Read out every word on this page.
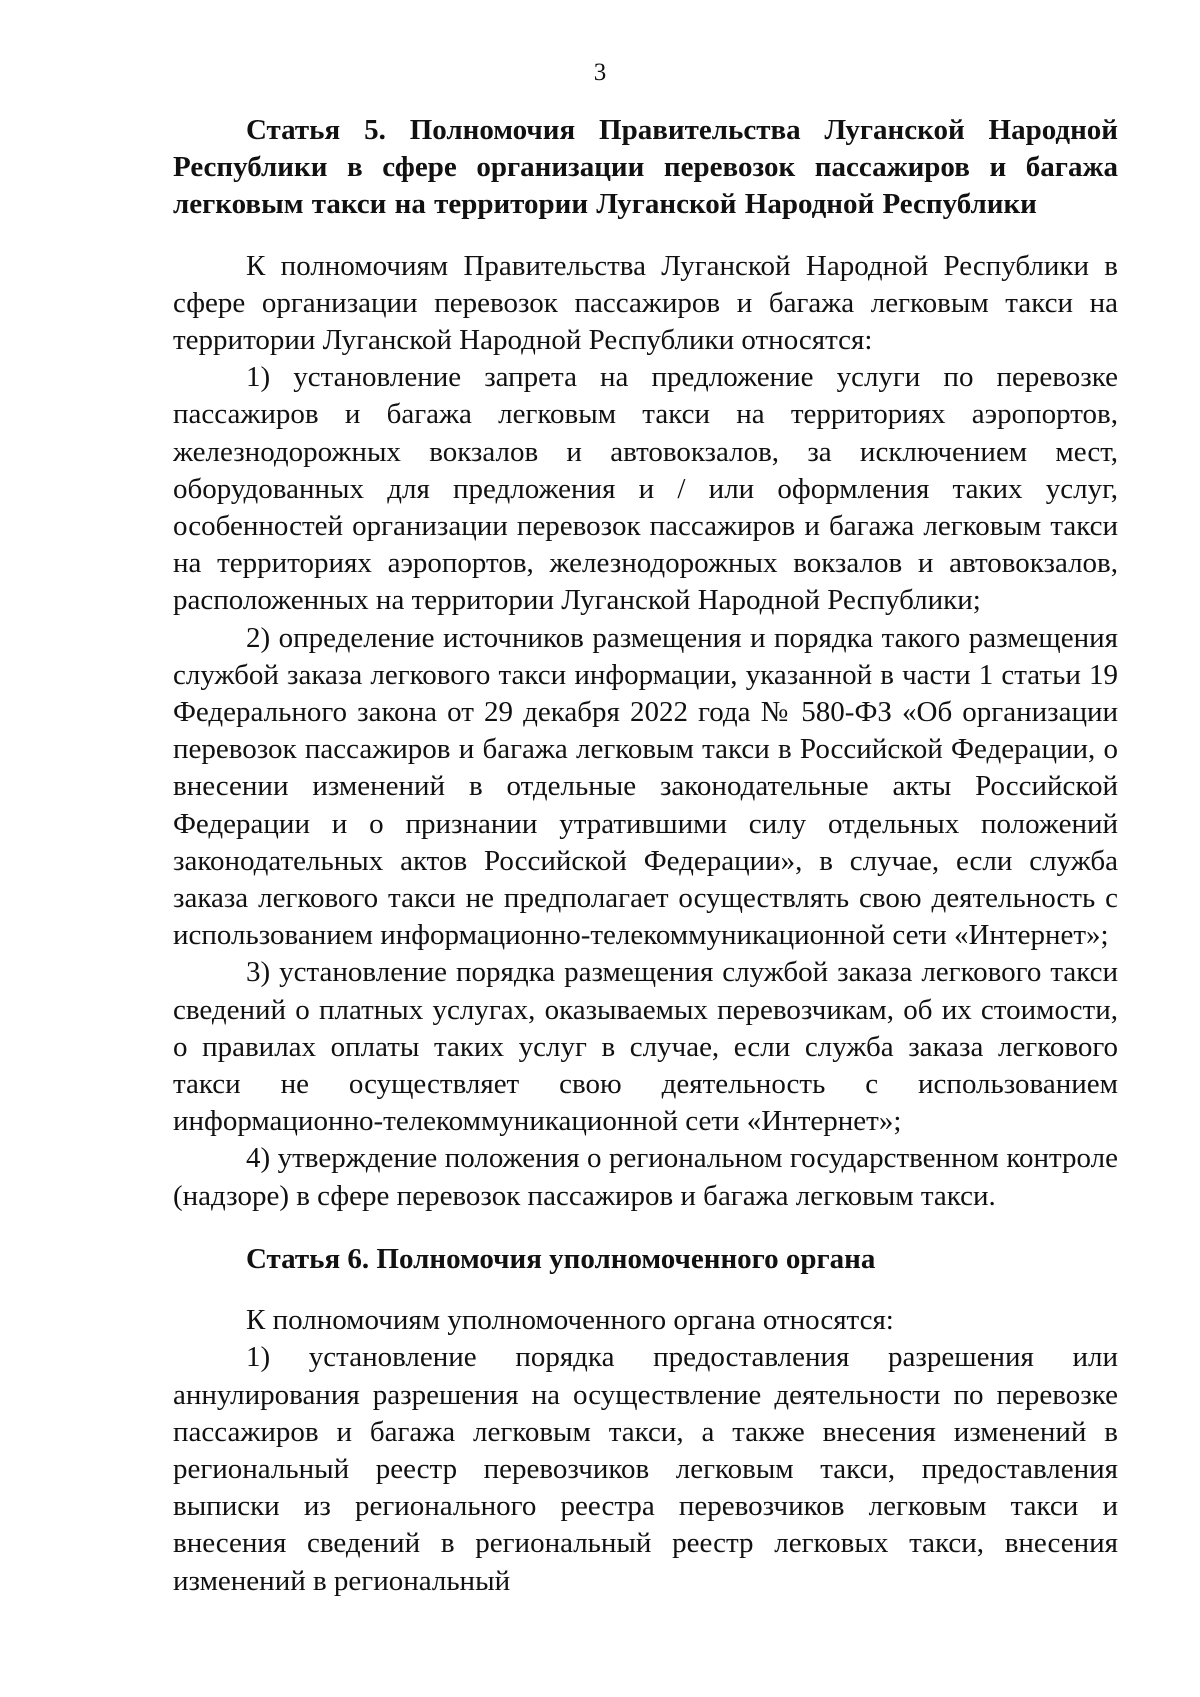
3

Статья 5. Полномочия Правительства Луганской Народной Республики в сфере организации перевозок пассажиров и багажа легковым такси на территории Луганской Народной Республики

К полномочиям Правительства Луганской Народной Республики в сфере организации перевозок пассажиров и багажа легковым такси на территории Луганской Народной Республики относятся:

1) установление запрета на предложение услуги по перевозке пассажиров и багажа легковым такси на территориях аэропортов, железнодорожных вокзалов и автовокзалов, за исключением мест, оборудованных для предложения и / или оформления таких услуг, особенностей организации перевозок пассажиров и багажа легковым такси на территориях аэропортов, железнодорожных вокзалов и автовокзалов, расположенных на территории Луганской Народной Республики;

2) определение источников размещения и порядка такого размещения службой заказа легкового такси информации, указанной в части 1 статьи 19 Федерального закона от 29 декабря 2022 года № 580-ФЗ «Об организации перевозок пассажиров и багажа легковым такси в Российской Федерации, о внесении изменений в отдельные законодательные акты Российской Федерации и о признании утратившими силу отдельных положений законодательных актов Российской Федерации», в случае, если служба заказа легкового такси не предполагает осуществлять свою деятельность с использованием информационно-телекоммуникационной сети «Интернет»;

3) установление порядка размещения службой заказа легкового такси сведений о платных услугах, оказываемых перевозчикам, об их стоимости, о правилах оплаты таких услуг в случае, если служба заказа легкового такси не осуществляет свою деятельность с использованием информационно-телекоммуникационной сети «Интернет»;

4) утверждение положения о региональном государственном контроле (надзоре) в сфере перевозок пассажиров и багажа легковым такси.

Статья 6. Полномочия уполномоченного органа

К полномочиям уполномоченного органа относятся:

1) установление порядка предоставления разрешения или аннулирования разрешения на осуществление деятельности по перевозке пассажиров и багажа легковым такси, а также внесения изменений в региональный реестр перевозчиков легковым такси, предоставления выписки из регионального реестра перевозчиков легковым такси и внесения сведений в региональный реестр легковых такси, внесения изменений в региональный
